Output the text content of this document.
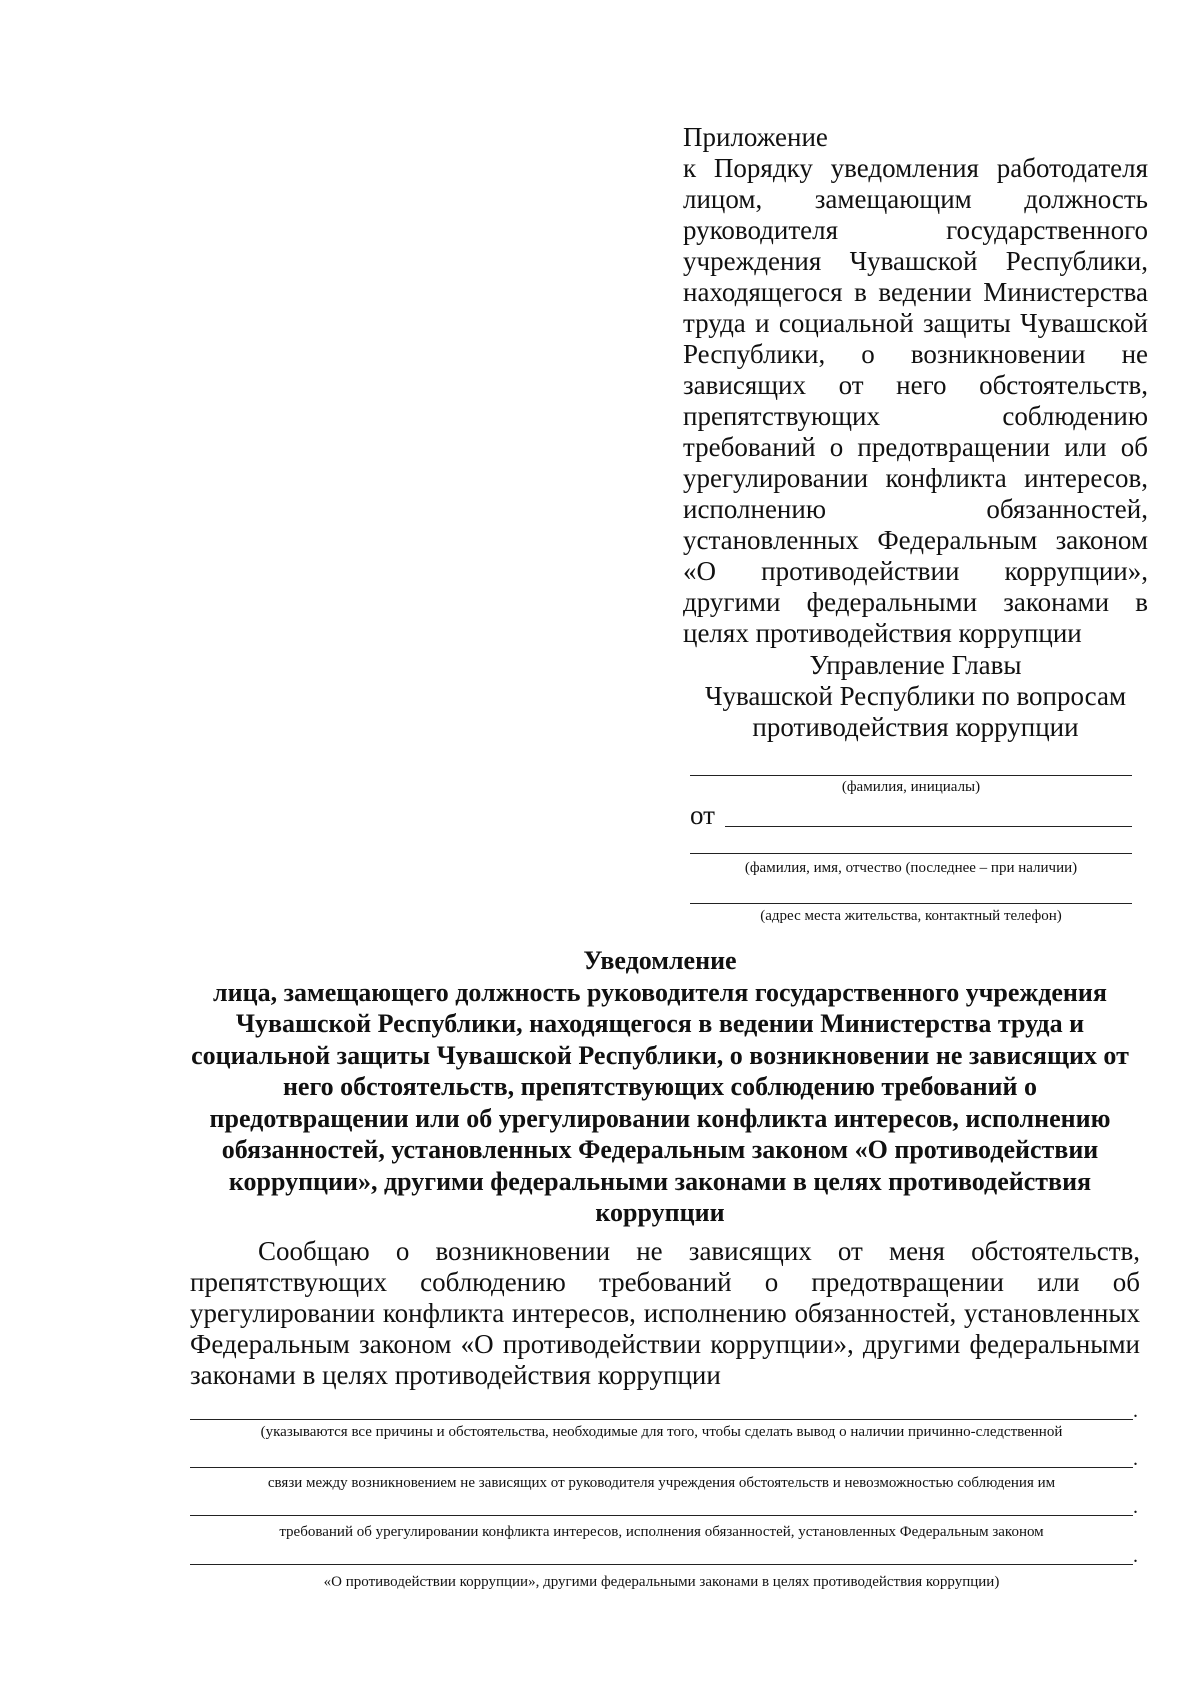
Приложение
к Порядку уведомления работодателя лицом, замещающим должность руководителя государственного учреждения Чувашской Республики, находящегося в ведении Министерства труда и социальной защиты Чувашской Республики, о возникновении не зависящих от него обстоятельств, препятствующих соблюдению требований о предотвращении или об урегулировании конфликта интересов, исполнению обязанностей, установленных Федеральным законом «О противодействии коррупции», другими федеральными законами в целях противодействия коррупции
Управление Главы
Чувашской Республики по вопросам
противодействия коррупции
(фамилия, инициалы)
от
(фамилия, имя, отчество (последнее – при наличии)
(адрес места жительства, контактный телефон)
Уведомление
лица, замещающего должность руководителя государственного учреждения Чувашской Республики, находящегося в ведении Министерства труда и социальной защиты Чувашской Республики, о возникновении не зависящих от него обстоятельств, препятствующих соблюдению требований о предотвращении или об урегулировании конфликта интересов, исполнению обязанностей, установленных Федеральным законом «О противодействии коррупции», другими федеральными законами в целях противодействия коррупции
Сообщаю о возникновении не зависящих от меня обстоятельств, препятствующих соблюдению требований о предотвращении или об урегулировании конфликта интересов, исполнению обязанностей, установленных Федеральным законом «О противодействии коррупции», другими федеральными законами в целях противодействия коррупции
.
(указываются все причины и обстоятельства, необходимые для того, чтобы сделать вывод о наличии причинно-следственной
.
связи между возникновением не зависящих от руководителя учреждения обстоятельств и невозможностью соблюдения им
.
требований об урегулировании конфликта интересов, исполнения обязанностей, установленных Федеральным законом
.
«О противодействии коррупции», другими федеральными законами в целях противодействия коррупции)
